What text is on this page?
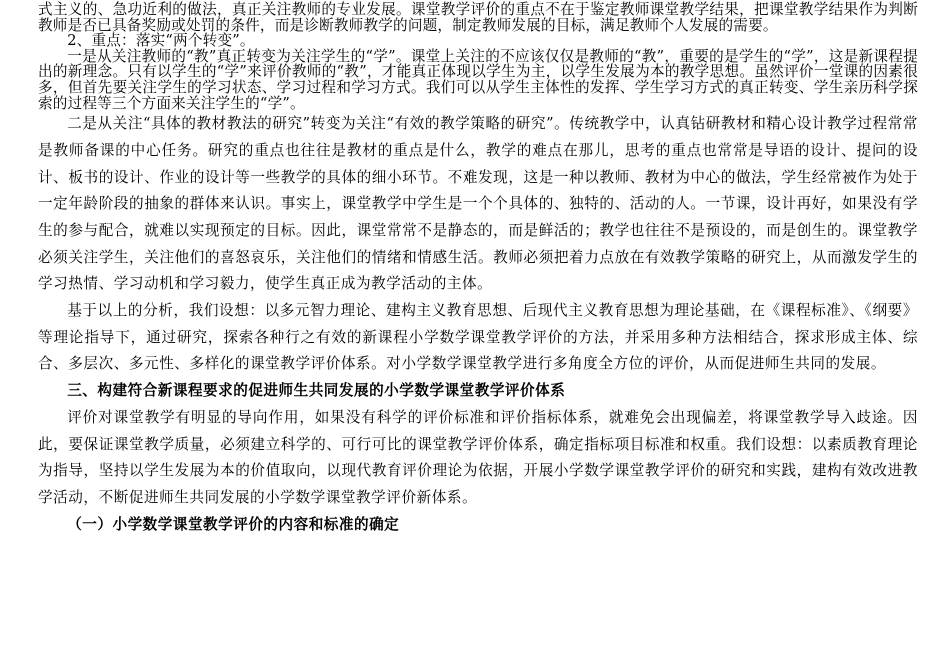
式主义的、急功近利的做法，真正关注教师的专业发展。课堂教学评价的重点不在于鉴定教师课堂教学结果，把课堂教学结果作为判断教师是否已具备奖励或处罚的条件，而是诊断教师教学的问题，制定教师发展的目标，满足教师个人发展的需要。

2、重点：落实“两个转变”。

一是从关注教师的“教”真正转变为关注学生的“学”。课堂上关注的不应该仅仅是教师的“教”，重要的是学生的“学”，这是新课程提出的新理念。只有以学生的“学”来评价教师的“教”，才能真正体现以学生为主，以学生发展为本的教学思想。虽然评价一堂课的因素很多，但首先要关注学生的学习状态、学习过程和学习方式。我们可以从学生主体性的发挥、学生学习方式的真正转变、学生亲历科学探索的过程等三个方面来关注学生的“学”。

二是从关注“具体的教材教法的研究”转变为关注“有效的教学策略的研究”。传统教学中，认真钻研教材和精心设计教学过程常常是教师备课的中心任务。研究的重点也往往是教材的重点是什么，教学的难点在那儿，思考的重点也常常是导语的设计、提问的设计、板书的设计、作业的设计等一些教学的具体的细小环节。不难发现，这是一种以教师、教材为中心的做法，学生经常被作为处于一定年龄阶段的抽象的群体来认识。事实上，课堂教学中学生是一个个具体的、独特的、活动的人。一节课，设计再好，如果没有学生的参与配合，就难以实现预定的目标。因此，课堂常常不是静态的，而是鲜活的；教学也往往不是预设的，而是创生的。课堂教学必须关注学生，关注他们的喜怒哀乐，关注他们的情绪和情感生活。教师必须把着力点放在有效教学策略的研究上，从而激发学生的学习热情、学习动机和学习毅力，使学生真正成为教学活动的主体。

基于以上的分析，我们设想：以多元智力理论、建构主义教育思想、后现代主义教育思想为理论基础，在《课程标准》、《纲要》等理论指导下，通过研究，探索各种行之有效的新课程小学数学课堂教学评价的方法，并采用多种方法相结合，探求形成主体、综合、多层次、多元性、多样化的课堂教学评价体系。对小学数学课堂教学进行多角度全方位的评价，从而促进师生共同的发展。

三、构建符合新课程要求的促进师生共同发展的小学数学课堂教学评价体系

评价对课堂教学有明显的导向作用，如果没有科学的评价标准和评价指标体系，就难免会出现偏差，将课堂教学导入歧途。因此，要保证课堂教学质量，必须建立科学的、可行可比的课堂教学评价体系，确定指标项目标准和权重。我们设想：以素质教育理论为指导，坚持以学生发展为本的价值取向，以现代教育评价理论为依据，开展小学数学课堂教学评价的研究和实践，建构有效改进教学活动，不断促进师生共同发展的小学数学课堂教学评价新体系。

（一）小学数学课堂教学评价的内容和标准的确定
